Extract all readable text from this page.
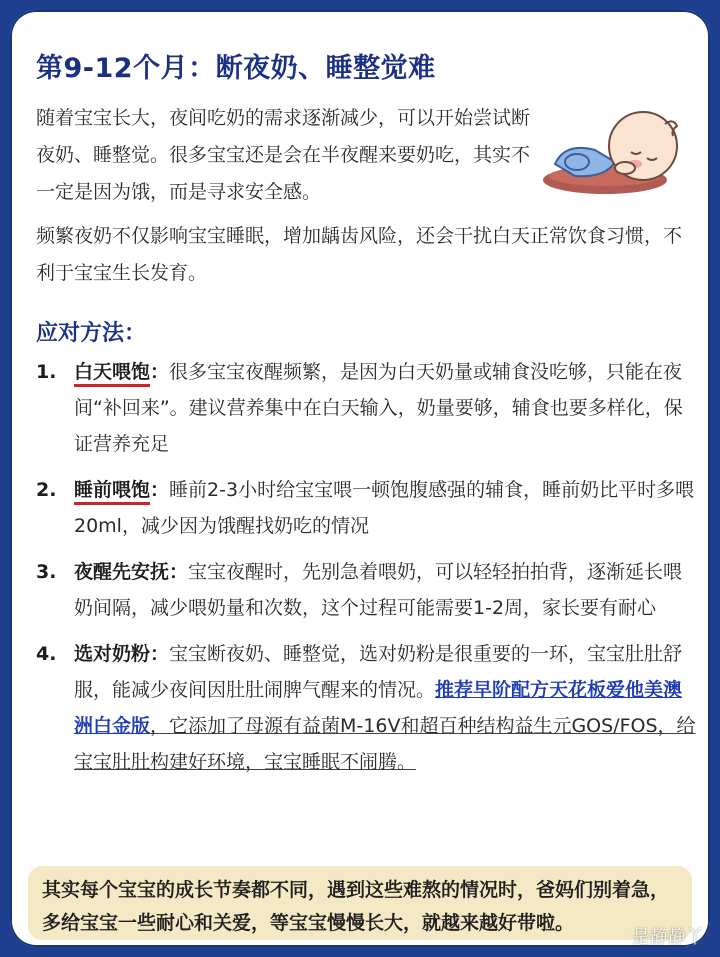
第9-12个月：断夜奶、睡整觉难
随着宝宝长大，夜间吃奶的需求逐渐减少，可以开始尝试断夜奶、睡整觉。很多宝宝还是会在半夜醒来要奶吃，其实不一定是因为饿，而是寻求安全感。
频繁夜奶不仅影响宝宝睡眠，增加龋齿风险，还会干扰白天正常饮食习惯，不利于宝宝生长发育。
应对方法：
1. 白天喂饱：很多宝宝夜醒频繁，是因为白天奶量或辅食没吃够，只能在夜间“补回来”。建议营养集中在白天输入，奶量要够，辅食也要多样化，保证营养充足
2. 睡前喂饱：睡前2-3小时给宝宝喂一顿饱腹感强的辅食，睡前奶比平时多喂20ml，减少因为饿醒找奶吃的情况
3. 夜醒先安抚：宝宝夜醒时，先别急着喂奶，可以轻轻拍拍背，逐渐延长喂奶间隔，减少喂奶量和次数，这个过程可能需要1-2周，家长要有耐心
4. 选对奶粉：宝宝断夜奶、睡整觉，选对奶粉是很重要的一环，宝宝肚肚舒服，能减少夜间因肚肚闹脾气醒来的情况。推荐早阶配方天花板爱他美澳洲白金版，它添加了母源有益菌M-16V和超百种结构益生元GOS/FOS，给宝宝肚肚构建好环境，宝宝睡眠不闹腾。
其实每个宝宝的成长节奏都不同，遇到这些难熬的情况时，爸妈们别着急，多给宝宝一些耐心和关爱，等宝宝慢慢长大，就越来越好带啦。
是静静丫
